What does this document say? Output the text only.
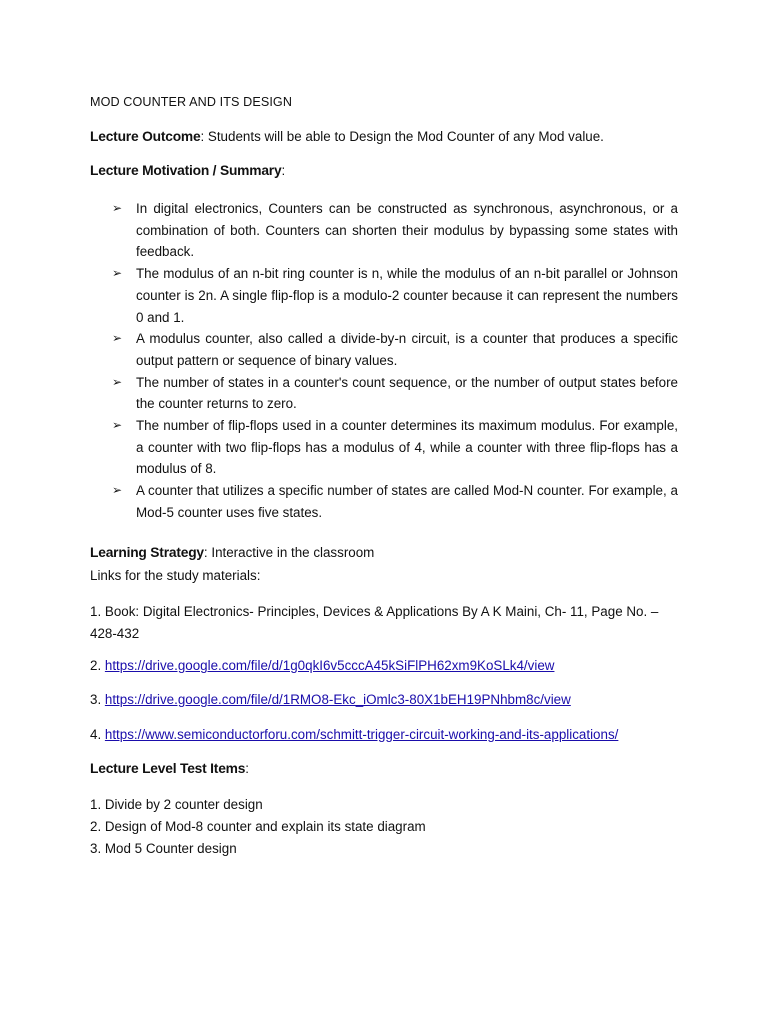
MOD COUNTER AND ITS DESIGN
Lecture Outcome: Students will be able to Design the Mod Counter of any Mod value.
Lecture Motivation / Summary:
➢ In digital electronics, Counters can be constructed as synchronous, asynchronous, or a combination of both. Counters can shorten their modulus by bypassing some states with feedback.
➢ The modulus of an n-bit ring counter is n, while the modulus of an n-bit parallel or Johnson counter is 2n. A single flip-flop is a modulo-2 counter because it can represent the numbers 0 and 1.
➢ A modulus counter, also called a divide-by-n circuit, is a counter that produces a specific output pattern or sequence of binary values.
➢ The number of states in a counter's count sequence, or the number of output states before the counter returns to zero.
➢ The number of flip-flops used in a counter determines its maximum modulus. For example, a counter with two flip-flops has a modulus of 4, while a counter with three flip-flops has a modulus of 8.
➢ A counter that utilizes a specific number of states are called Mod-N counter. For example, a Mod-5 counter uses five states.
Learning Strategy: Interactive in the classroom
Links for the study materials:
1. Book: Digital Electronics- Principles, Devices & Applications By A K Maini, Ch- 11, Page No. – 428-432
2. https://drive.google.com/file/d/1g0qkI6v5cccA45kSiFlPH62xm9KoSLk4/view
3. https://drive.google.com/file/d/1RMO8-Ekc_iOmlc3-80X1bEH19PNhbm8c/view
4. https://www.semiconductorforu.com/schmitt-trigger-circuit-working-and-its-applications/
Lecture Level Test Items:
1. Divide by 2 counter design
2. Design of Mod-8 counter and explain its state diagram
3. Mod 5 Counter design
